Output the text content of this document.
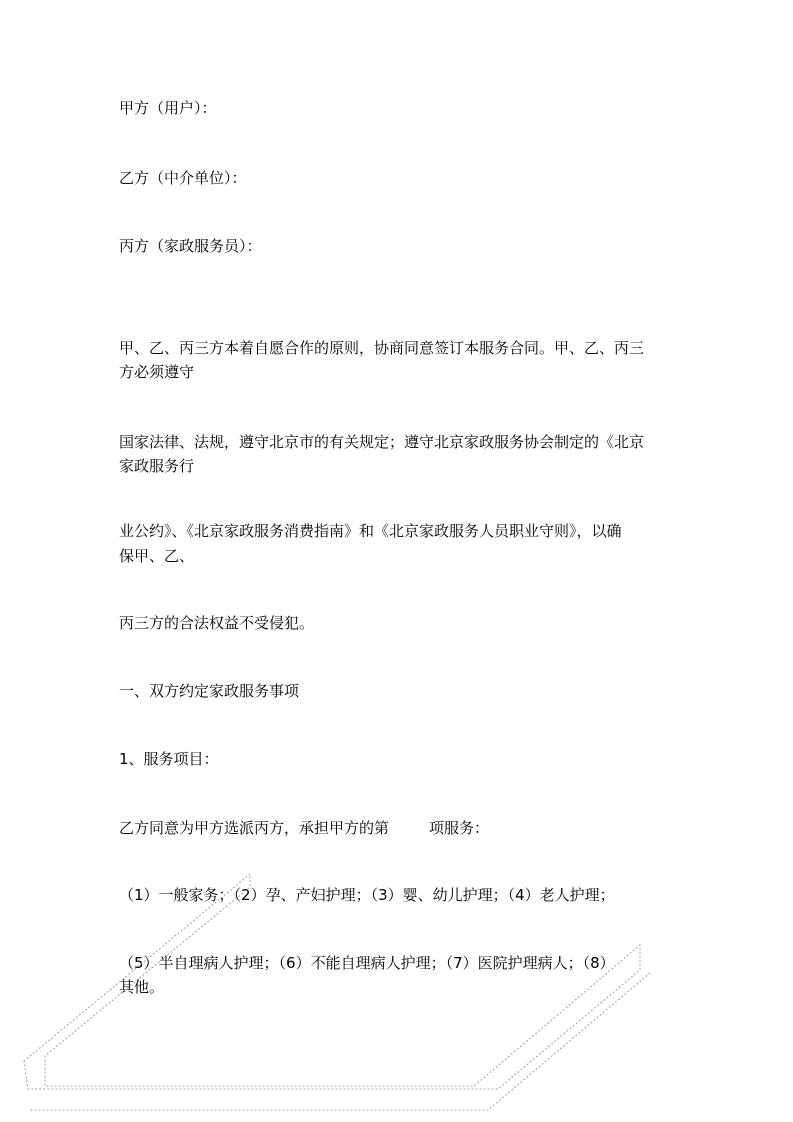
甲方（用户）：
乙方（中介单位）：
丙方（家政服务员）：
甲、乙、丙三方本着自愿合作的原则，协商同意签订本服务合同。甲、乙、丙三
方必须遵守
国家法律、法规，遵守北京市的有关规定；遵守北京家政服务协会制定的《北京
家政服务行
业公约》、《北京家政服务消费指南》和《北京家政服务人员职业守则》，以确
保甲、乙、
丙三方的合法权益不受侵犯。
一、双方约定家政服务事项
1、服务项目：
乙方同意为甲方选派丙方，承担甲方的第	项服务：
（1）一般家务；（2）孕、产妇护理；（3）婴、幼儿护理；（4）老人护理；
（5）半自理病人护理；（6）不能自理病人护理；（7）医院护理病人；（8）
其他。
